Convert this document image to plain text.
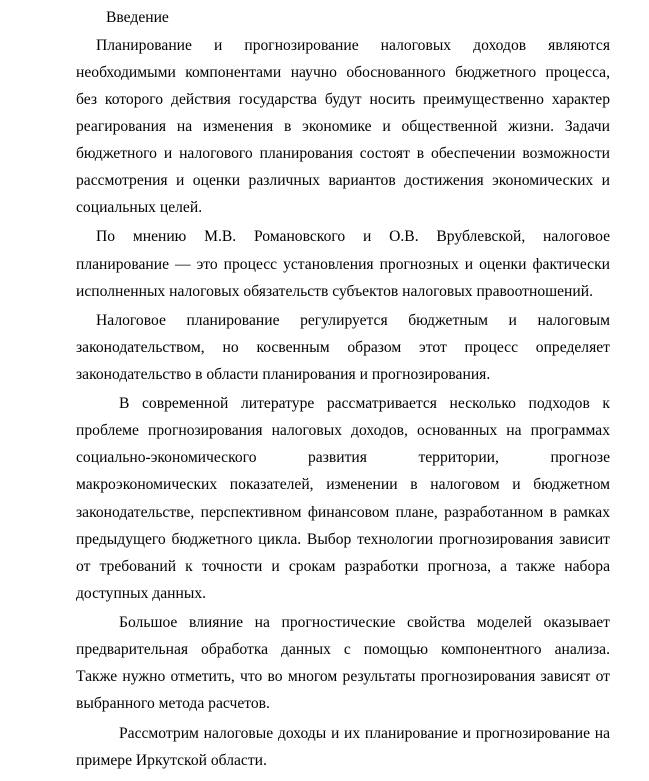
Введение
Планирование и прогнозирование налоговых доходов являются
необходимыми компонентами научно обоснованного бюджетного процесса,
без которого действия государства будут носить преимущественно характер
реагирования на изменения в экономике и общественной жизни. Задачи
бюджетного и налогового планирования состоят в обеспечении возможности
рассмотрения и оценки различных вариантов достижения экономических и
социальных целей.
По мнению М.В. Романовского и О.В. Врублевской, налоговое
планирование — это процесс установления прогнозных и оценки фактически
исполненных налоговых обязательств субъектов налоговых правоотношений.
Налоговое планирование регулируется бюджетным и налоговым
законодательством, но косвенным образом этот процесс определяет
законодательство в области планирования и прогнозирования.
В современной литературе рассматривается несколько подходов к
проблеме прогнозирования налоговых доходов, основанных на программах
социально-экономического развития территории, прогнозе
макроэкономических показателей, изменении в налоговом и бюджетном
законодательстве, перспективном финансовом плане, разработанном в рамках
предыдущего бюджетного цикла. Выбор технологии прогнозирования зависит
от требований к точности и срокам разработки прогноза, а также набора
доступных данных.
Большое влияние на прогностические свойства моделей оказывает
предварительная обработка данных с помощью компонентного анализа.
Также нужно отметить, что во многом результаты прогнозирования зависят от
выбранного метода расчетов.
Рассмотрим налоговые доходы и их планирование и прогнозирование на
примере Иркутской области.
